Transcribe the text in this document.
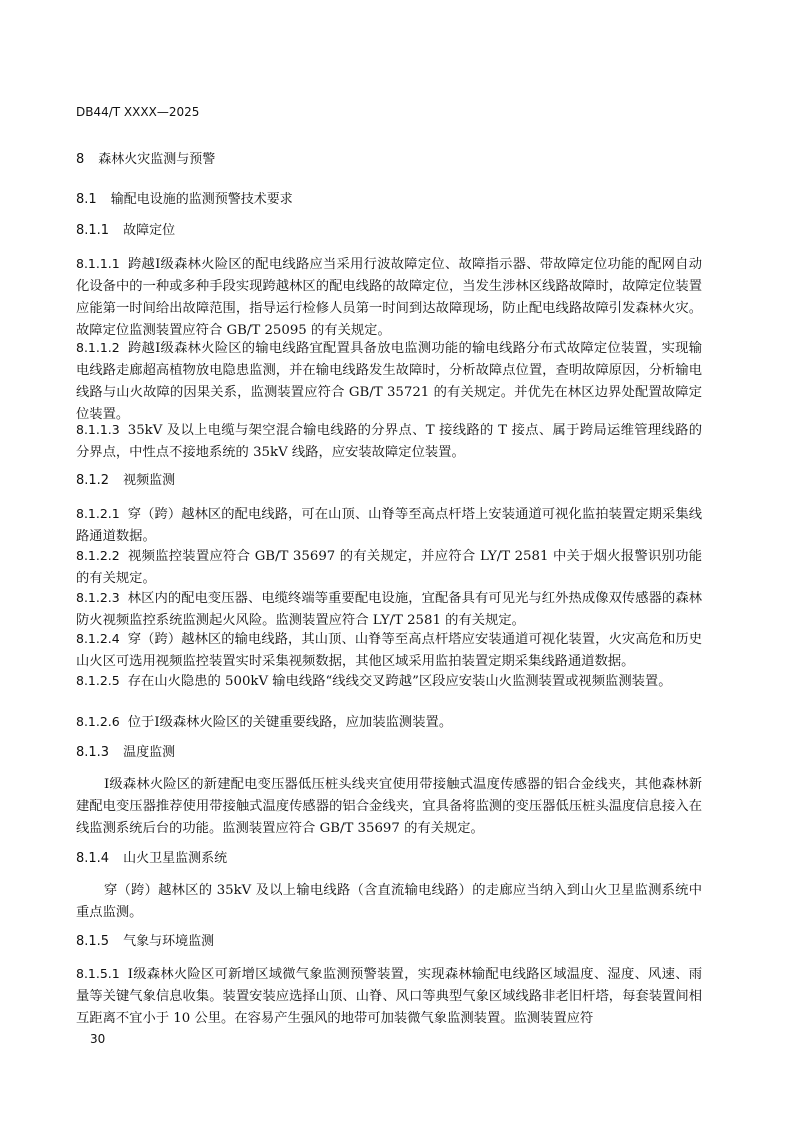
DB44/T XXXX—2025
8 森林火灾监测与预警
8.1 输配电设施的监测预警技术要求
8.1.1 故障定位
8.1.1.1 跨越I级森林火险区的配电线路应当采用行波故障定位、故障指示器、带故障定位功能的配网自动化设备中的一种或多种手段实现跨越林区的配电线路的故障定位，当发生涉林区线路故障时，故障定位装置应能第一时间给出故障范围，指导运行检修人员第一时间到达故障现场，防止配电线路故障引发森林火灾。故障定位监测装置应符合 GB/T 25095 的有关规定。
8.1.1.2 跨越I级森林火险区的输电线路宜配置具备放电监测功能的输电线路分布式故障定位装置，实现输电线路走廊超高植物放电隐患监测，并在输电线路发生故障时，分析故障点位置，查明故障原因，分析输电线路与山火故障的因果关系，监测装置应符合 GB/T 35721 的有关规定。并优先在林区边界处配置故障定位装置。
8.1.1.3 35kV 及以上电缆与架空混合输电线路的分界点、T 接线路的 T 接点、属于跨局运维管理线路的分界点，中性点不接地系统的 35kV 线路，应安装故障定位装置。
8.1.2 视频监测
8.1.2.1 穿（跨）越林区的配电线路，可在山顶、山脊等至高点杆塔上安装通道可视化监拍装置定期采集线路通道数据。
8.1.2.2 视频监控装置应符合 GB/T 35697 的有关规定，并应符合 LY/T 2581 中关于烟火报警识别功能的有关规定。
8.1.2.3 林区内的配电变压器、电缆终端等重要配电设施，宜配备具有可见光与红外热成像双传感器的森林防火视频监控系统监测起火风险。监测装置应符合 LY/T 2581 的有关规定。
8.1.2.4 穿（跨）越林区的输电线路，其山顶、山脊等至高点杆塔应安装通道可视化装置，火灾高危和历史山火区可选用视频监控装置实时采集视频数据，其他区域采用监拍装置定期采集线路通道数据。
8.1.2.5 存在山火隐患的 500kV 输电线路“线线交叉跨越”区段应安装山火监测装置或视频监测装置。
8.1.2.6 位于I级森林火险区的关键重要线路，应加装监测装置。
8.1.3 温度监测
I级森林火险区的新建配电变压器低压桩头线夹宜使用带接触式温度传感器的铝合金线夹，其他森林新建配电变压器推荐使用带接触式温度传感器的铝合金线夹，宜具备将监测的变压器低压桩头温度信息接入在线监测系统后台的功能。监测装置应符合 GB/T 35697 的有关规定。
8.1.4 山火卫星监测系统
穿（跨）越林区的 35kV 及以上输电线路（含直流输电线路）的走廊应当纳入到山火卫星监测系统中重点监测。
8.1.5 气象与环境监测
8.1.5.1 I级森林火险区可新增区域微气象监测预警装置，实现森林输配电线路区域温度、湿度、风速、雨量等关键气象信息收集。装置安装应选择山顶、山脊、风口等典型气象区域线路非老旧杆塔，每套装置间相互距离不宜小于 10 公里。在容易产生强风的地带可加装微气象监测装置。监测装置应符
30
